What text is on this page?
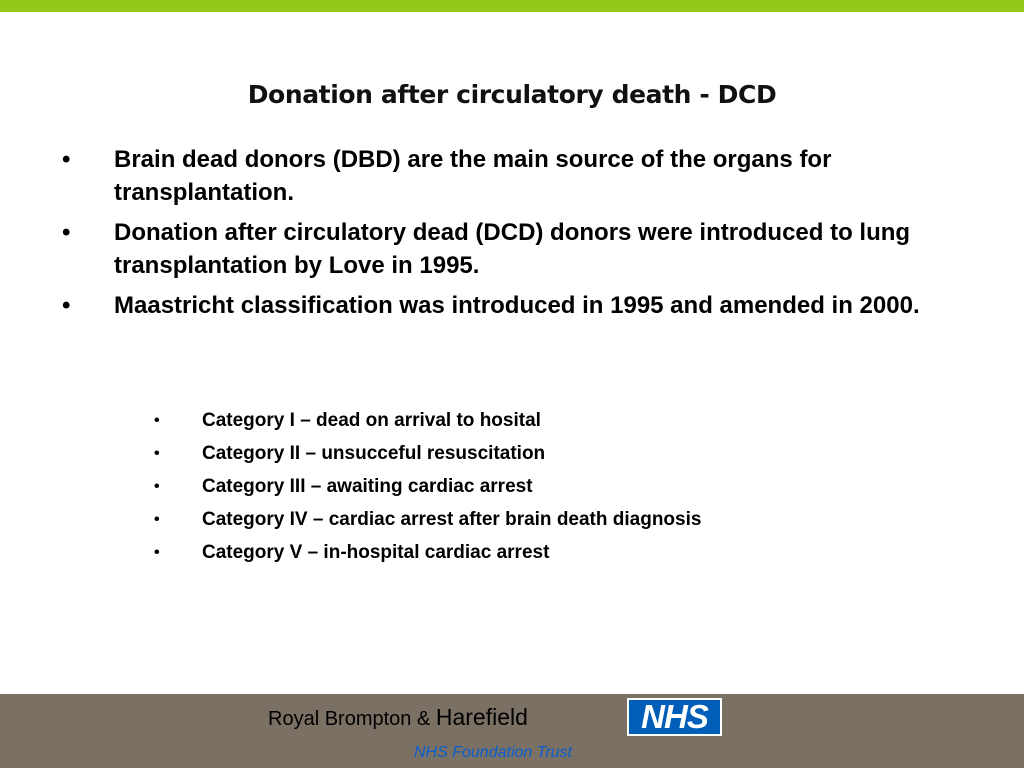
Donation after circulatory death - DCD
• Brain dead donors (DBD) are the main source of the organs for transplantation.
• Donation after circulatory dead (DCD) donors were introduced to lung transplantation by Love in 1995.
• Maastricht classification was introduced in 1995 and amended in 2000.
• Category I – dead on arrival to hosital
• Category II – unsucceful resuscitation
• Category III – awaiting cardiac arrest
• Category IV – cardiac arrest after brain death diagnosis
• Category V – in-hospital cardiac arrest
Royal Brompton & Harefield	NHS
NHS Foundation Trust
